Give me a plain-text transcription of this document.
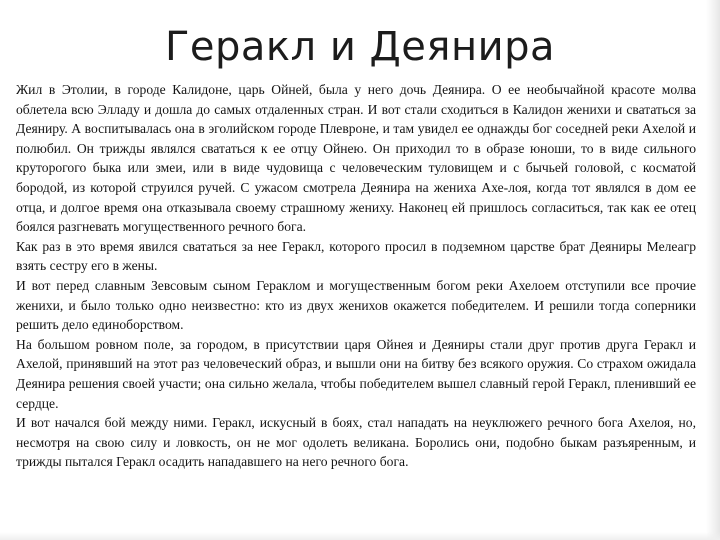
Геракл и Деянира

Жил в Этолии, в городе Калидоне, царь Ойней, была у него дочь Деянира. О ее необычайной красоте молва облетела всю Элладу и дошла до самых отдаленных стран. И вот стали сходиться в Калидон женихи и свататься за Деяниру. А воспитывалась она в эголийском городе Плевроне, и там увидел ее однажды бог соседней реки Ахелой и полюбил. Он трижды являлся свататься к ее отцу Ойнею. Он приходил то в образе юноши, то в виде сильного круторогого быка или змеи, или в виде чудовища с человеческим туловищем и с бычьей головой, с косматой бородой, из которой струился ручей. С ужасом смотрела Деянира на жениха Ахе-лоя, когда тот являлся в дом ее отца, и долгое время она отказывала своему страшному жениху. Наконец ей пришлось согласиться, так как ее отец боялся разгневать могущественного речного бога.

Как раз в это время явился свататься за нее Геракл, которого просил в подземном царстве брат Деяниры Мелеагр взять сестру его в жены.

И вот перед славным Зевсовым сыном Гераклом и могущественным богом реки Ахелоем отступили все прочие женихи, и было только одно неизвестно: кто из двух женихов окажется победителем. И решили тогда соперники решить дело единоборством.

На большом ровном поле, за городом, в присутствии царя Ойнея и Деяниры стали друг против друга Геракл и Ахелой, принявший на этот раз человеческий образ, и вышли они на битву без всякого оружия. Со страхом ожидала Деянира решения своей участи; она сильно желала, чтобы победителем вышел славный герой Геракл, пленивший ее сердце.

И вот начался бой между ними. Геракл, искусный в боях, стал нападать на неуклюжего речного бога Ахелоя, но, несмотря на свою силу и ловкость, он не мог одолеть великана. Боролись они, подобно быкам разъяренным, и трижды пытался Геракл осадить нападавшего на него речного бога.
